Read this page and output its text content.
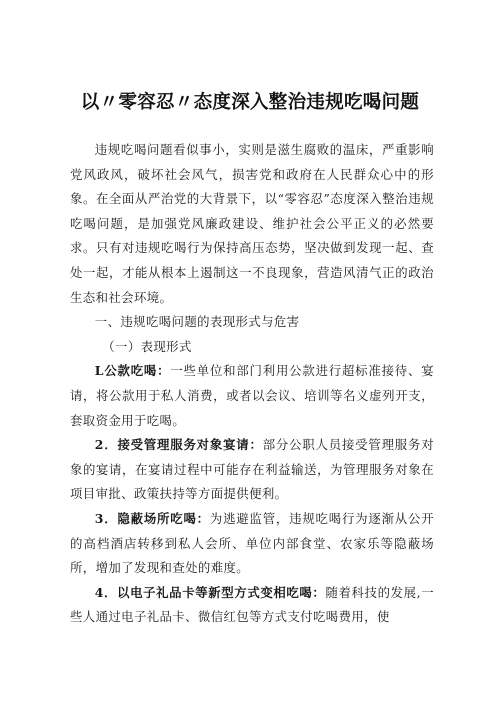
以〃零容忍〃态度深入整治违规吃喝问题

违规吃喝问题看似事小，实则是滋生腐败的温床，严重影响党风政风，破坏社会风气，损害党和政府在人民群众心中的形象。在全面从严治党的大背景下，以“零容忍”态度深入整治违规吃喝问题，是加强党风廉政建设、维护社会公平正义的必然要求。只有对违规吃喝行为保持高压态势，坚决做到发现一起、查处一起，才能从根本上遏制这一不良现象，营造风清气正的政治生态和社会环境。

一、违规吃喝问题的表现形式与危害

（一）表现形式

L公款吃喝：一些单位和部门利用公款进行超标准接待、宴请，将公款用于私人消费，或者以会议、培训等名义虚列开支，套取资金用于吃喝。

2．接受管理服务对象宴请：部分公职人员接受管理服务对象的宴请，在宴请过程中可能存在利益输送，为管理服务对象在项目审批、政策扶持等方面提供便利。

3．隐蔽场所吃喝：为逃避监管，违规吃喝行为逐渐从公开的高档酒店转移到私人会所、单位内部食堂、农家乐等隐蔽场所，增加了发现和查处的难度。

4．以电子礼品卡等新型方式变相吃喝：随着科技的发展,一些人通过电子礼品卡、微信红包等方式支付吃喝费用，使
